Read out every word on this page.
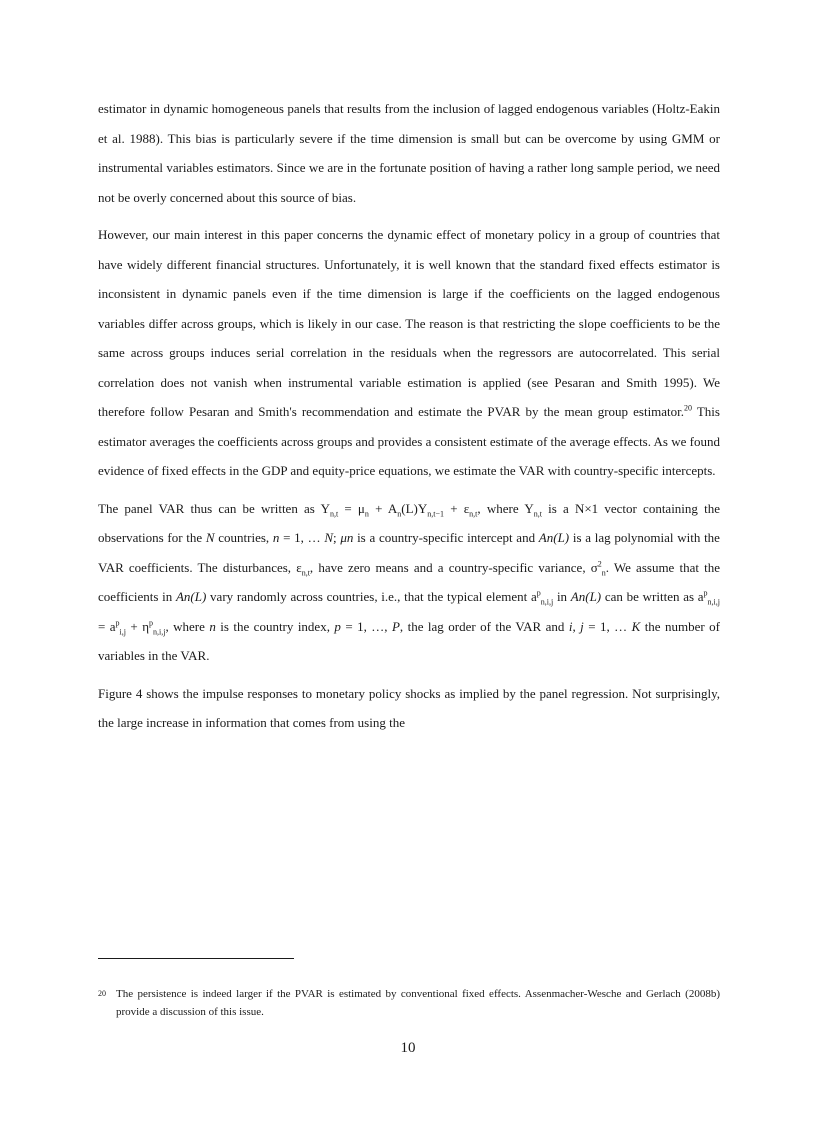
estimator in dynamic homogeneous panels that results from the inclusion of lagged endogenous variables (Holtz-Eakin et al. 1988). This bias is particularly severe if the time dimension is small but can be overcome by using GMM or instrumental variables estimators. Since we are in the fortunate position of having a rather long sample period, we need not be overly concerned about this source of bias.

However, our main interest in this paper concerns the dynamic effect of monetary policy in a group of countries that have widely different financial structures. Unfortunately, it is well known that the standard fixed effects estimator is inconsistent in dynamic panels even if the time dimension is large if the coefficients on the lagged endogenous variables differ across groups, which is likely in our case. The reason is that restricting the slope coefficients to be the same across groups induces serial correlation in the residuals when the regressors are autocorrelated. This serial correlation does not vanish when instrumental variable estimation is applied (see Pesaran and Smith 1995). We therefore follow Pesaran and Smith's recommendation and estimate the PVAR by the mean group estimator.$^{20}$ This estimator averages the coefficients across groups and provides a consistent estimate of the average effects. As we found evidence of fixed effects in the GDP and equity-price equations, we estimate the VAR with country-specific intercepts.

The panel VAR thus can be written as $Y_{n,t} = \mu_n + A_n(L)Y_{n,t-1} + \varepsilon_{n,t}$, where $Y_{n,t}$ is a N×1 vector containing the observations for the N countries, n = 1, … N; μn is a country-specific intercept and An(L) is a lag polynomial with the VAR coefficients. The disturbances, $\varepsilon_{n,t}$, have zero means and a country-specific variance, $\sigma^2_n$. We assume that the coefficients in An(L) vary randomly across countries, i.e., that the typical element $a^p_{n,i,j}$ in An(L) can be written as $a^p_{n,i,j} = a^p_{i,j} + \eta^p_{n,i,j}$, where n is the country index, p = 1, …, P, the lag order of the VAR and i, j = 1, … K the number of variables in the VAR.

Figure 4 shows the impulse responses to monetary policy shocks as implied by the panel regression. Not surprisingly, the large increase in information that comes from using the

20 The persistence is indeed larger if the PVAR is estimated by conventional fixed effects. Assenmacher-Wesche and Gerlach (2008b) provide a discussion of this issue.
10
